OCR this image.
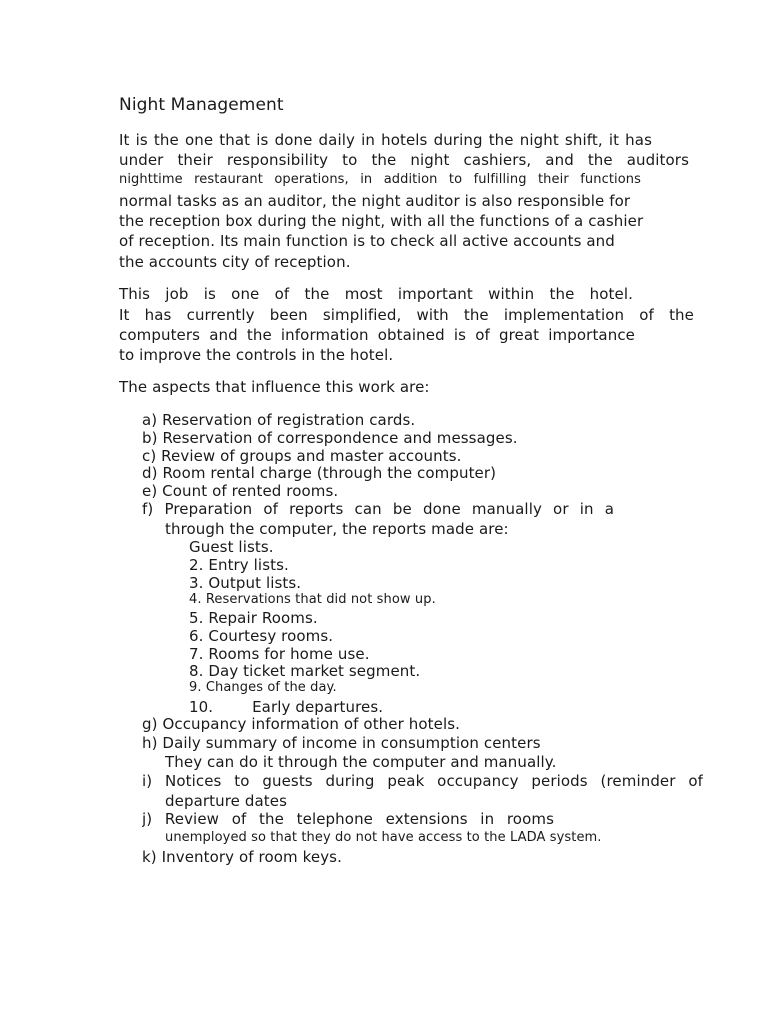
Night Management
It is the one that is done daily in hotels during the night shift, it has
under their responsibility to the night cashiers, and the auditors
nighttime restaurant operations, in addition to fulfilling their functions
normal tasks as an auditor, the night auditor is also responsible for
the reception box during the night, with all the functions of a cashier
of reception. Its main function is to check all active accounts and
the accounts city of reception.
This job is one of the most important within the hotel.
It has currently been simplified, with the implementation of the
computers and the information obtained is of great importance
to improve the controls in the hotel.
The aspects that influence this work are:
a) Reservation of registration cards.
b) Reservation of correspondence and messages.
c) Review of groups and master accounts.
d) Room rental charge (through the computer)
e) Count of rented rooms.
f) Preparation of reports can be done manually or in a
through the computer, the reports made are:
Guest lists.
2. Entry lists.
3. Output lists.
4. Reservations that did not show up.
5. Repair Rooms.
6. Courtesy rooms.
7. Rooms for home use.
8. Day ticket market segment.
9. Changes of the day.
10.        Early departures.
g) Occupancy information of other hotels.
h) Daily summary of income in consumption centers
They can do it through the computer and manually.
i) Notices to guests during peak occupancy periods (reminder of
departure dates
j) Review of the telephone extensions in rooms
unemployed so that they do not have access to the LADA system.
k) Inventory of room keys.
